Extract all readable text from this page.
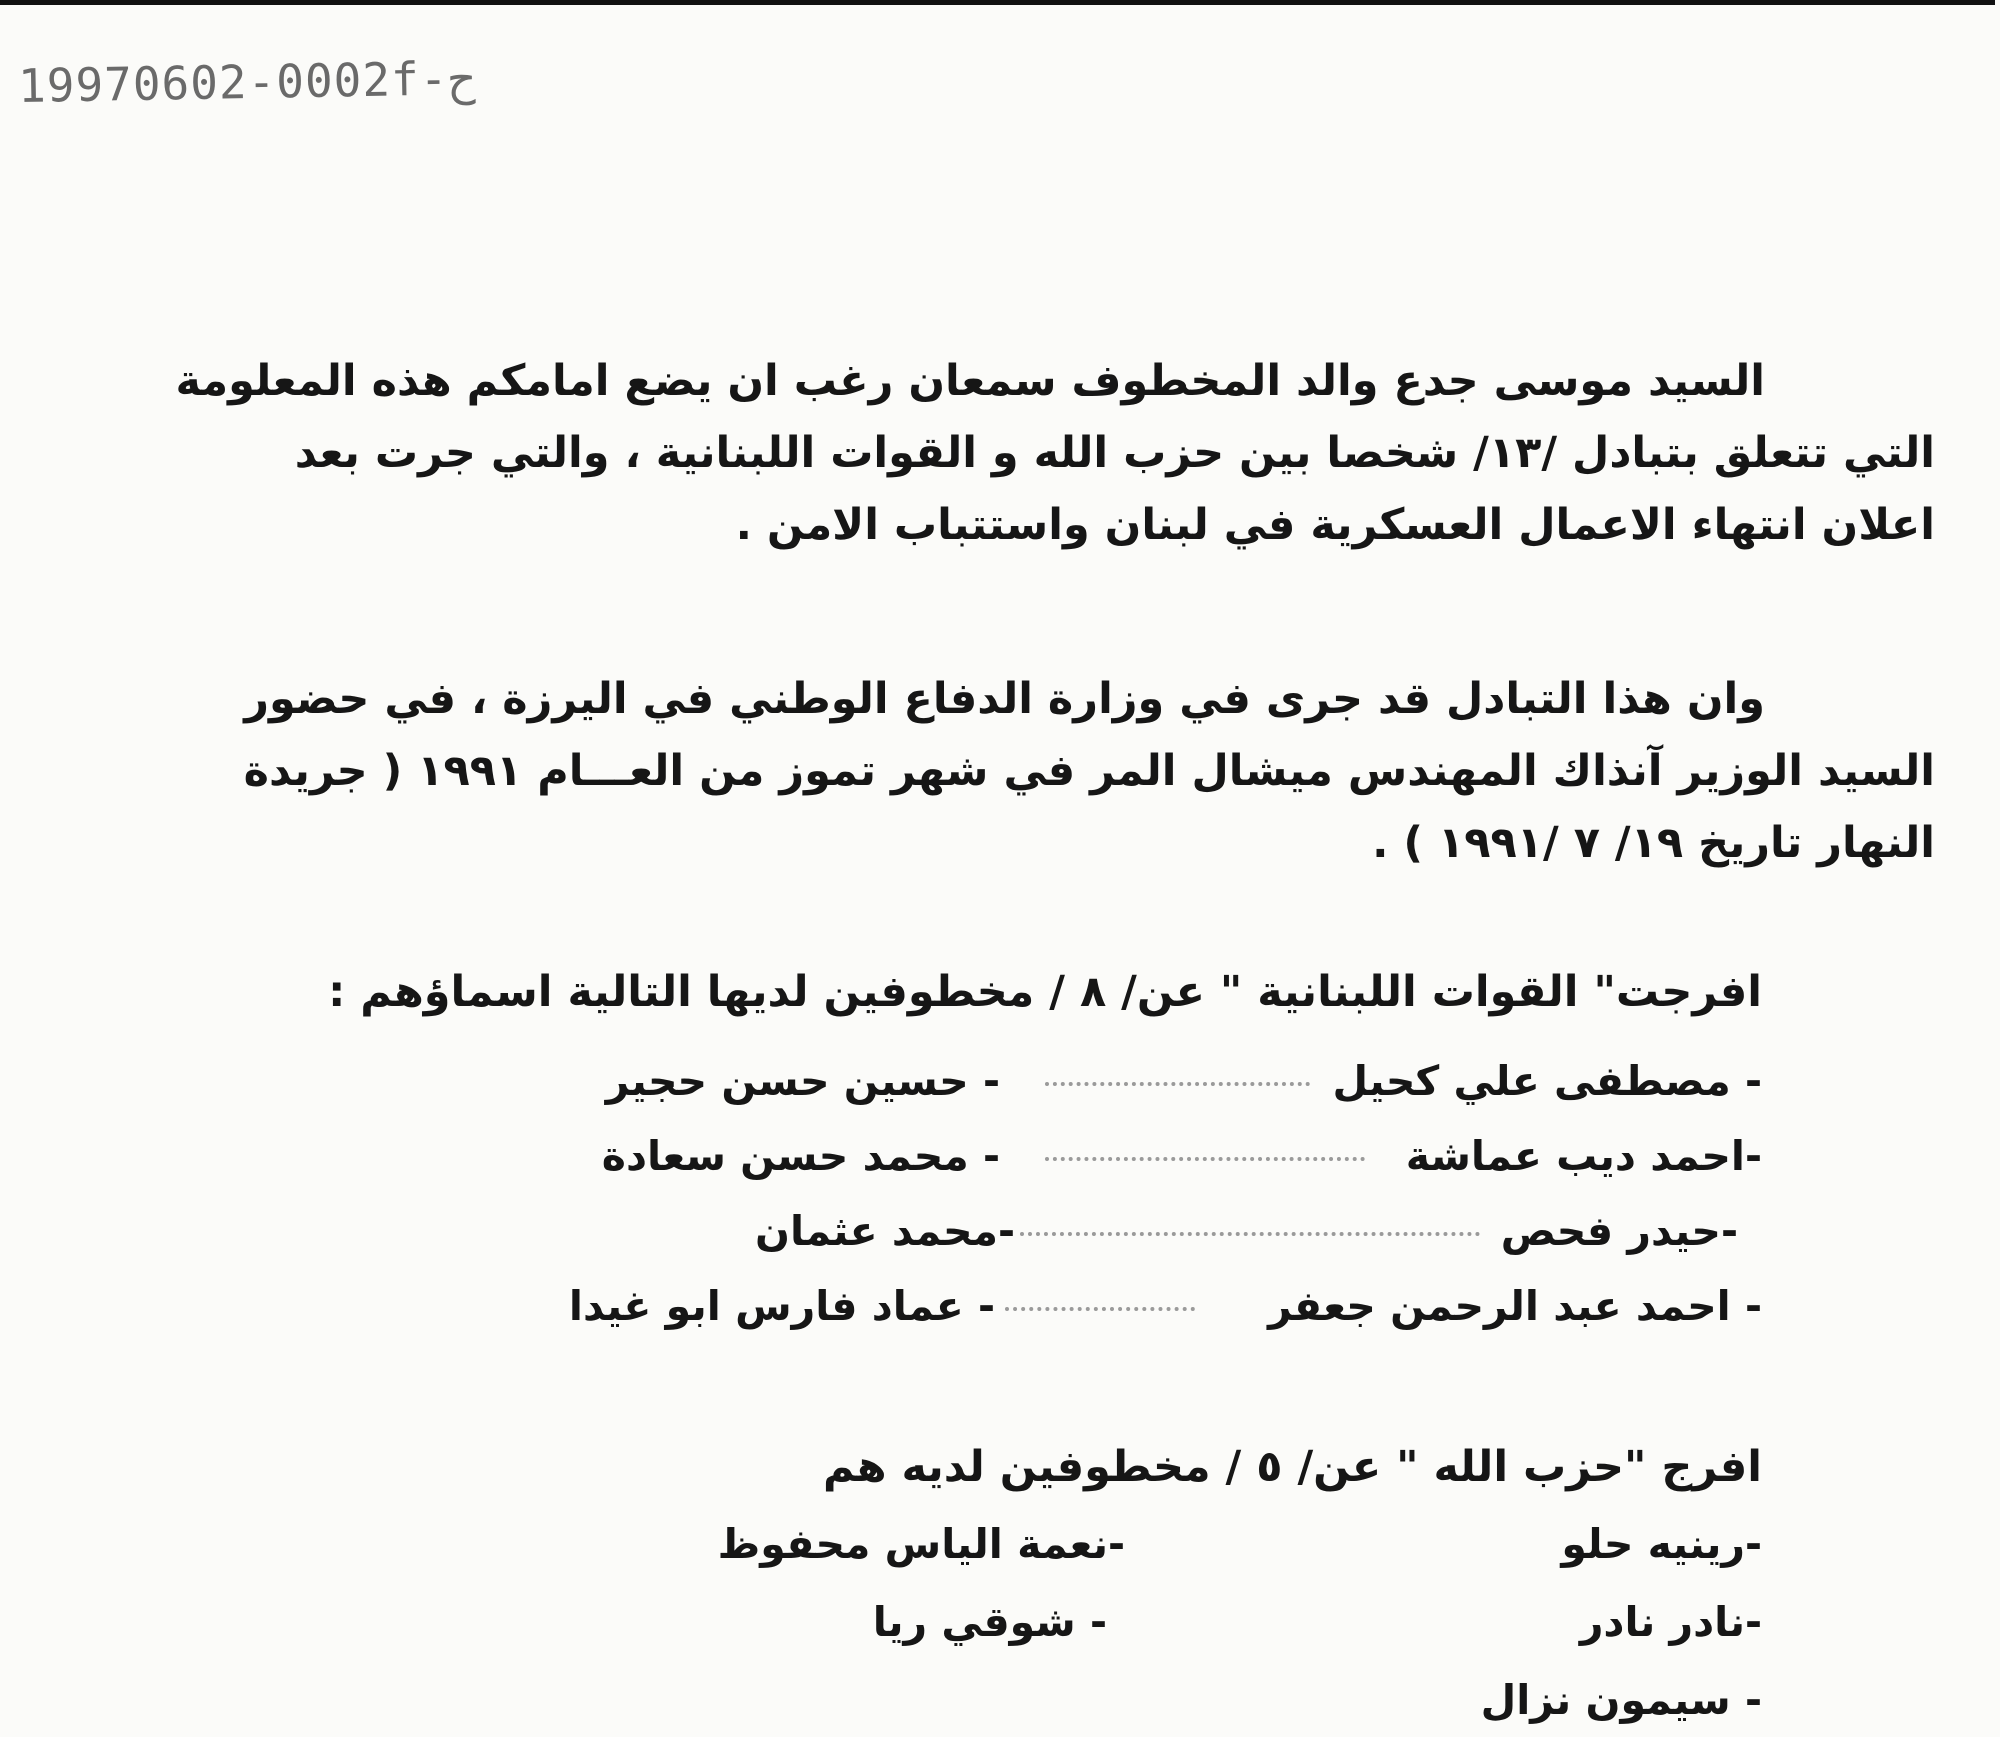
19970602-0002f-ح
السيد موسى جدع والد المخطوف سمعان رغب ان يضع امامكم هذه المعلومة
التي تتعلق بتبادل /١٣/ شخصا بين حزب الله و القوات اللبنانية ، والتي جرت بعد
اعلان انتهاء الاعمال العسكرية في لبنان واستتباب الامن .
وان هذا التبادل قد جرى في وزارة الدفاع الوطني في اليرزة ، في حضور
السيد الوزير آنذاك المهندس ميشال المر في شهر تموز من العـــام ١٩٩١ ( جريدة
النهار تاريخ ١٩/ ٧ /١٩٩١ ) .
افرجت" القوات اللبنانية " عن/ ٨ / مخطوفين لديها التالية اسماؤهم :
- مصطفى علي كحيل
- حسين حسن حجير
-احمد ديب عماشة
- محمد حسن سعادة
-حيدر فحص
-محمد عثمان
- احمد عبد الرحمن جعفر
- عماد فارس ابو غيدا
افرج "حزب الله " عن/ ٥ / مخطوفين لديه هم
-رينيه حلو
-نعمة الياس محفوظ
-نادر نادر
- شوقي ريا
- سيمون نزال
